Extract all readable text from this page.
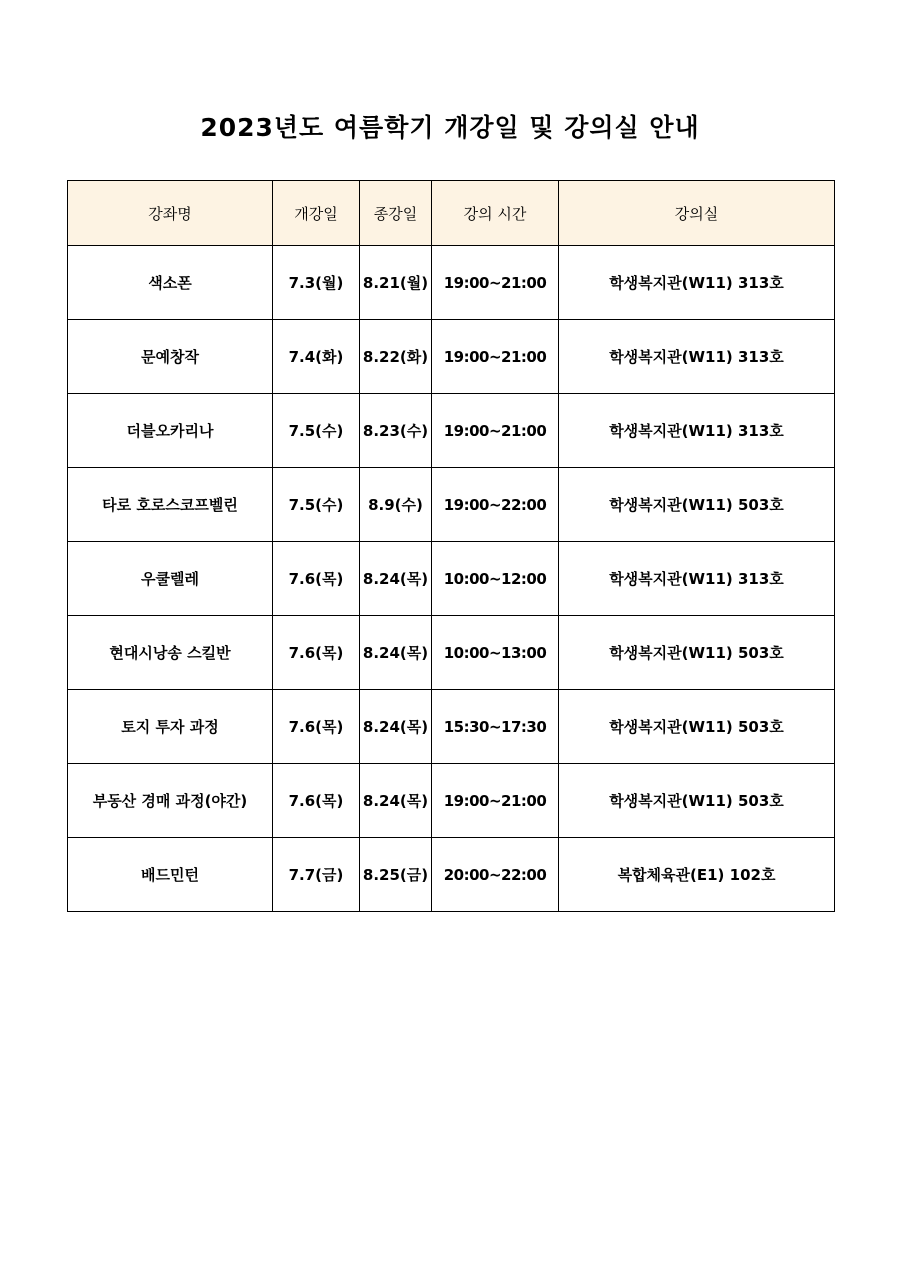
2023년도 여름학기 개강일 및 강의실 안내
강좌명	개강일	종강일	강의 시간	강의실
색소폰	7.3(월)	8.21(월)	19:00~21:00	학생복지관(W11) 313호
문예창작	7.4(화)	8.22(화)	19:00~21:00	학생복지관(W11) 313호
더블오카리나	7.5(수)	8.23(수)	19:00~21:00	학생복지관(W11) 313호
타로 호로스코프벨린	7.5(수)	8.9(수)	19:00~22:00	학생복지관(W11) 503호
우쿨렐레	7.6(목)	8.24(목)	10:00~12:00	학생복지관(W11) 313호
현대시낭송 스킬반	7.6(목)	8.24(목)	10:00~13:00	학생복지관(W11) 503호
토지 투자 과정	7.6(목)	8.24(목)	15:30~17:30	학생복지관(W11) 503호
부동산 경매 과정(야간)	7.6(목)	8.24(목)	19:00~21:00	학생복지관(W11) 503호
배드민턴	7.7(금)	8.25(금)	20:00~22:00	복합체육관(E1) 102호
